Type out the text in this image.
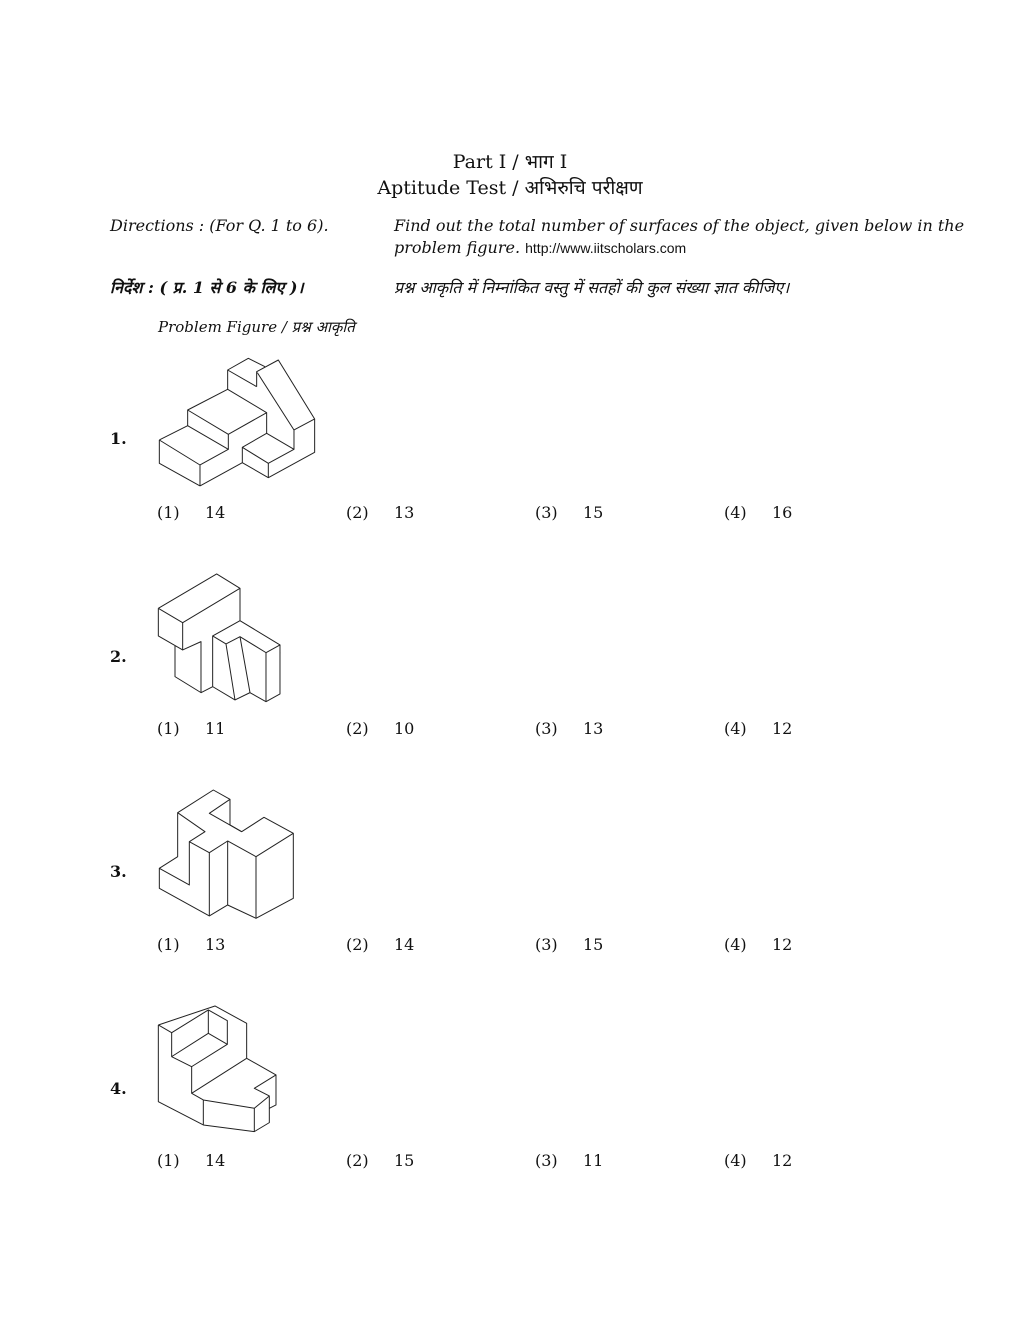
Part I / भाग I
Aptitude Test / अभिरुचि परीक्षण
Directions : (For Q. 1 to 6).	Find out the total number of surfaces of the object, given below in the
problem figure. http://www.iitscholars.com
निर्देश : ( प्र. 1 से 6 के लिए )।	प्रश्न आकृति में निम्नांकित वस्तु में सतहों की कुल संख्या ज्ञात कीजिए।
Problem Figure / प्रश्न आकृति
1.
(1) 14	(2) 13	(3) 15	(4) 16
2.
(1) 11	(2) 10	(3) 13	(4) 12
3.
(1) 13	(2) 14	(3) 15	(4) 12
4.
(1) 14	(2) 15	(3) 11	(4) 12
